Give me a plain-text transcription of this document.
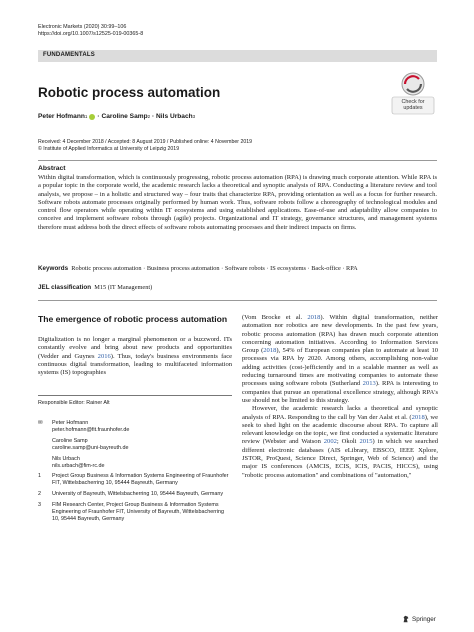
Electronic Markets (2020) 30:99–106
https://doi.org/10.1007/s12525-019-00365-8
FUNDAMENTALS
Check for
updates
Robotic process automation
Peter Hofmann 1 · Caroline Samp 2 · Nils Urbach 3
Received: 4 December 2018 / Accepted: 8 August 2019 / Published online: 4 November 2019
© Institute of Applied Informatics at University of Leipzig 2019
Abstract
Within digital transformation, which is continuously progressing, robotic process automation (RPA) is drawing much corporate attention. While RPA is a popular topic in the corporate world, the academic research lacks a theoretical and synoptic analysis of RPA. Conducting a literature review and tool analysis, we propose – in a holistic and structured way – four traits that characterize RPA, providing orientation as well as a focus for further research. Software robots automate processes originally performed by human work. Thus, software robots follow a choreography of technological modules and control flow operators while operating within IT ecosystems and using established applications. Ease-of-use and adaptability allow companies to conceive and implement software robots through (agile) projects. Organizational and IT strategy, governance structures, and management systems therefore must address both the direct effects of software robots automating processes and their indirect impacts on firms.
Keywords Robotic process automation · Business process automation · Software robots · IS ecosystems · Back-office · RPA
JEL classification M15 (IT Management)
The emergence of robotic process automation
Digitalization is no longer a marginal phenomenon or a buzzword. ITs constantly evolve and bring about new products and opportunities (Vedder and Guynes 2016). Thus, today's business environments face continuous digital transformation, leading to multifaceted information systems (IS) topographies
Responsible Editor: Rainer Alt
✉	Peter Hofmann
peter.hofmann@fit.fraunhofer.de
Caroline Samp
caroline.samp@uni-bayreuth.de
Nils Urbach
nils.urbach@fim-rc.de
1	Project Group Business & Information Systems Engineering of Fraunhofer FIT, Wittelsbacherring 10, 95444 Bayreuth, Germany
2	University of Bayreuth, Wittelsbacherring 10, 95444 Bayreuth, Germany
3	FIM Research Center, Project Group Business & Information Systems Engineering of Fraunhofer FIT, University of Bayreuth, Wittelsbacherring 10, 95444 Bayreuth, Germany

(Vom Brocke et al. 2018). Within digital transformation, neither automation nor robotics are new developments. In the past few years, robotic process automation (RPA) has drawn much corporate attention concerning automation initiatives. According to Information Services Group (2018), 54% of European companies plan to automate at least 10 processes via RPA by 2020. Among others, accomplishing non-value adding activities (cost-)efficiently and in a scalable manner as well as reducing turnaround times are motivating companies to automate these processes using software robots (Sutherland 2013). RPA is interesting to companies that pursue an operational excellence strategy, although RPA's use should not be limited to this strategy.

However, the academic research lacks a theoretical and synoptic analysis of RPA. Responding to the call by Van der Aalst et al. (2018), we seek to shed light on the academic discourse about RPA. To capture all relevant knowledge on the topic, we first conducted a systematic literature review (Webster and Watson 2002; Okoli 2015) in which we searched different electronic databases (AIS eLibrary, EBSCO, IEEE Xplore, JSTOR, ProQuest, Science Direct, Springer, Web of Science) and the major IS conferences (AMCIS, ECIS, ICIS, PACIS, HICCS), using "robotic process automation" and combinations of "automation,"

Springer
